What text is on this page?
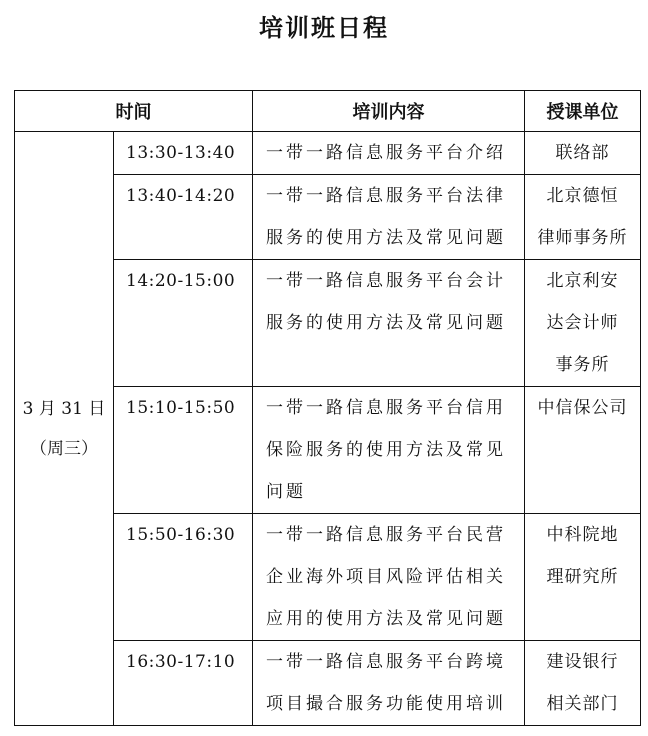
培训班日程
时间		培训内容	授课单位

3 月 31 日
（周三）	13:30-13:40	一带一路信息服务平台介绍	联络部

	13:40-14:20	一带一路信息服务平台法律服务的使用方法及常见问题	北京德恒
律师事务所

	14:20-15:00	一带一路信息服务平台会计服务的使用方法及常见问题	北京利安
达会计师
事务所

	15:10-15:50	一带一路信息服务平台信用保险服务的使用方法及常见问题	中信保公司

	15:50-16:30	一带一路信息服务平台民营企业海外项目风险评估相关应用的使用方法及常见问题	中科院地
理研究所

	16:30-17:10	一带一路信息服务平台跨境项目撮合服务功能使用培训	建设银行
相关部门
